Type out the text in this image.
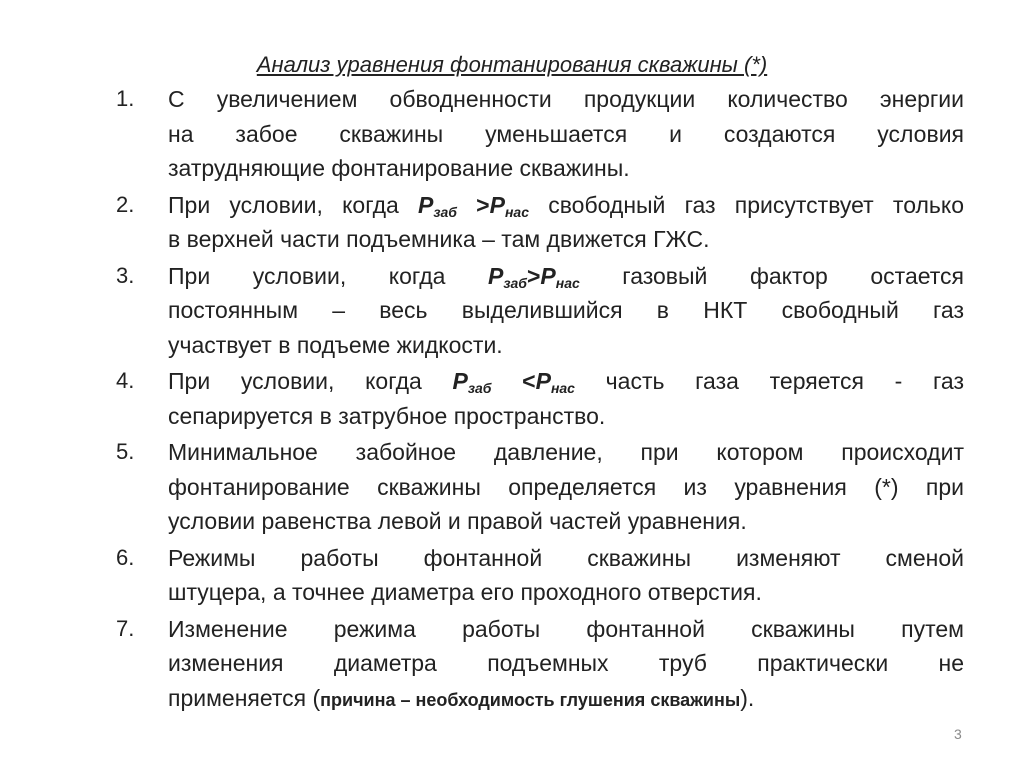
Анализ уравнения фонтанирования скважины (*)
1. С увеличением обводненности продукции количество энергии
на забое скважины уменьшается и создаются условия
затрудняющие фонтанирование скважины.
2. При условии, когда $P_{заб} >P_{нас}$ свободный газ присутствует только
в верхней части подъемника – там движется ГЖС.
3. При условии, когда $P_{заб}>P_{нас}$ газовый фактор остается
постоянным – весь выделившийся в НКТ свободный газ
участвует в подъеме жидкости.
4. При условии, когда $P_{заб} <P_{нас}$ часть газа теряется - газ
сепарируется в затрубное пространство.
5. Минимальное забойное давление, при котором происходит
фонтанирование скважины определяется из уравнения (*) при
условии равенства левой и правой частей уравнения.
6. Режимы работы фонтанной скважины изменяют сменой
штуцера, а точнее диаметра его проходного отверстия.
7. Изменение режима работы фонтанной скважины путем
изменения диаметра подъемных труб практически не
применяется (причина – необходимость глушения скважины).
3
